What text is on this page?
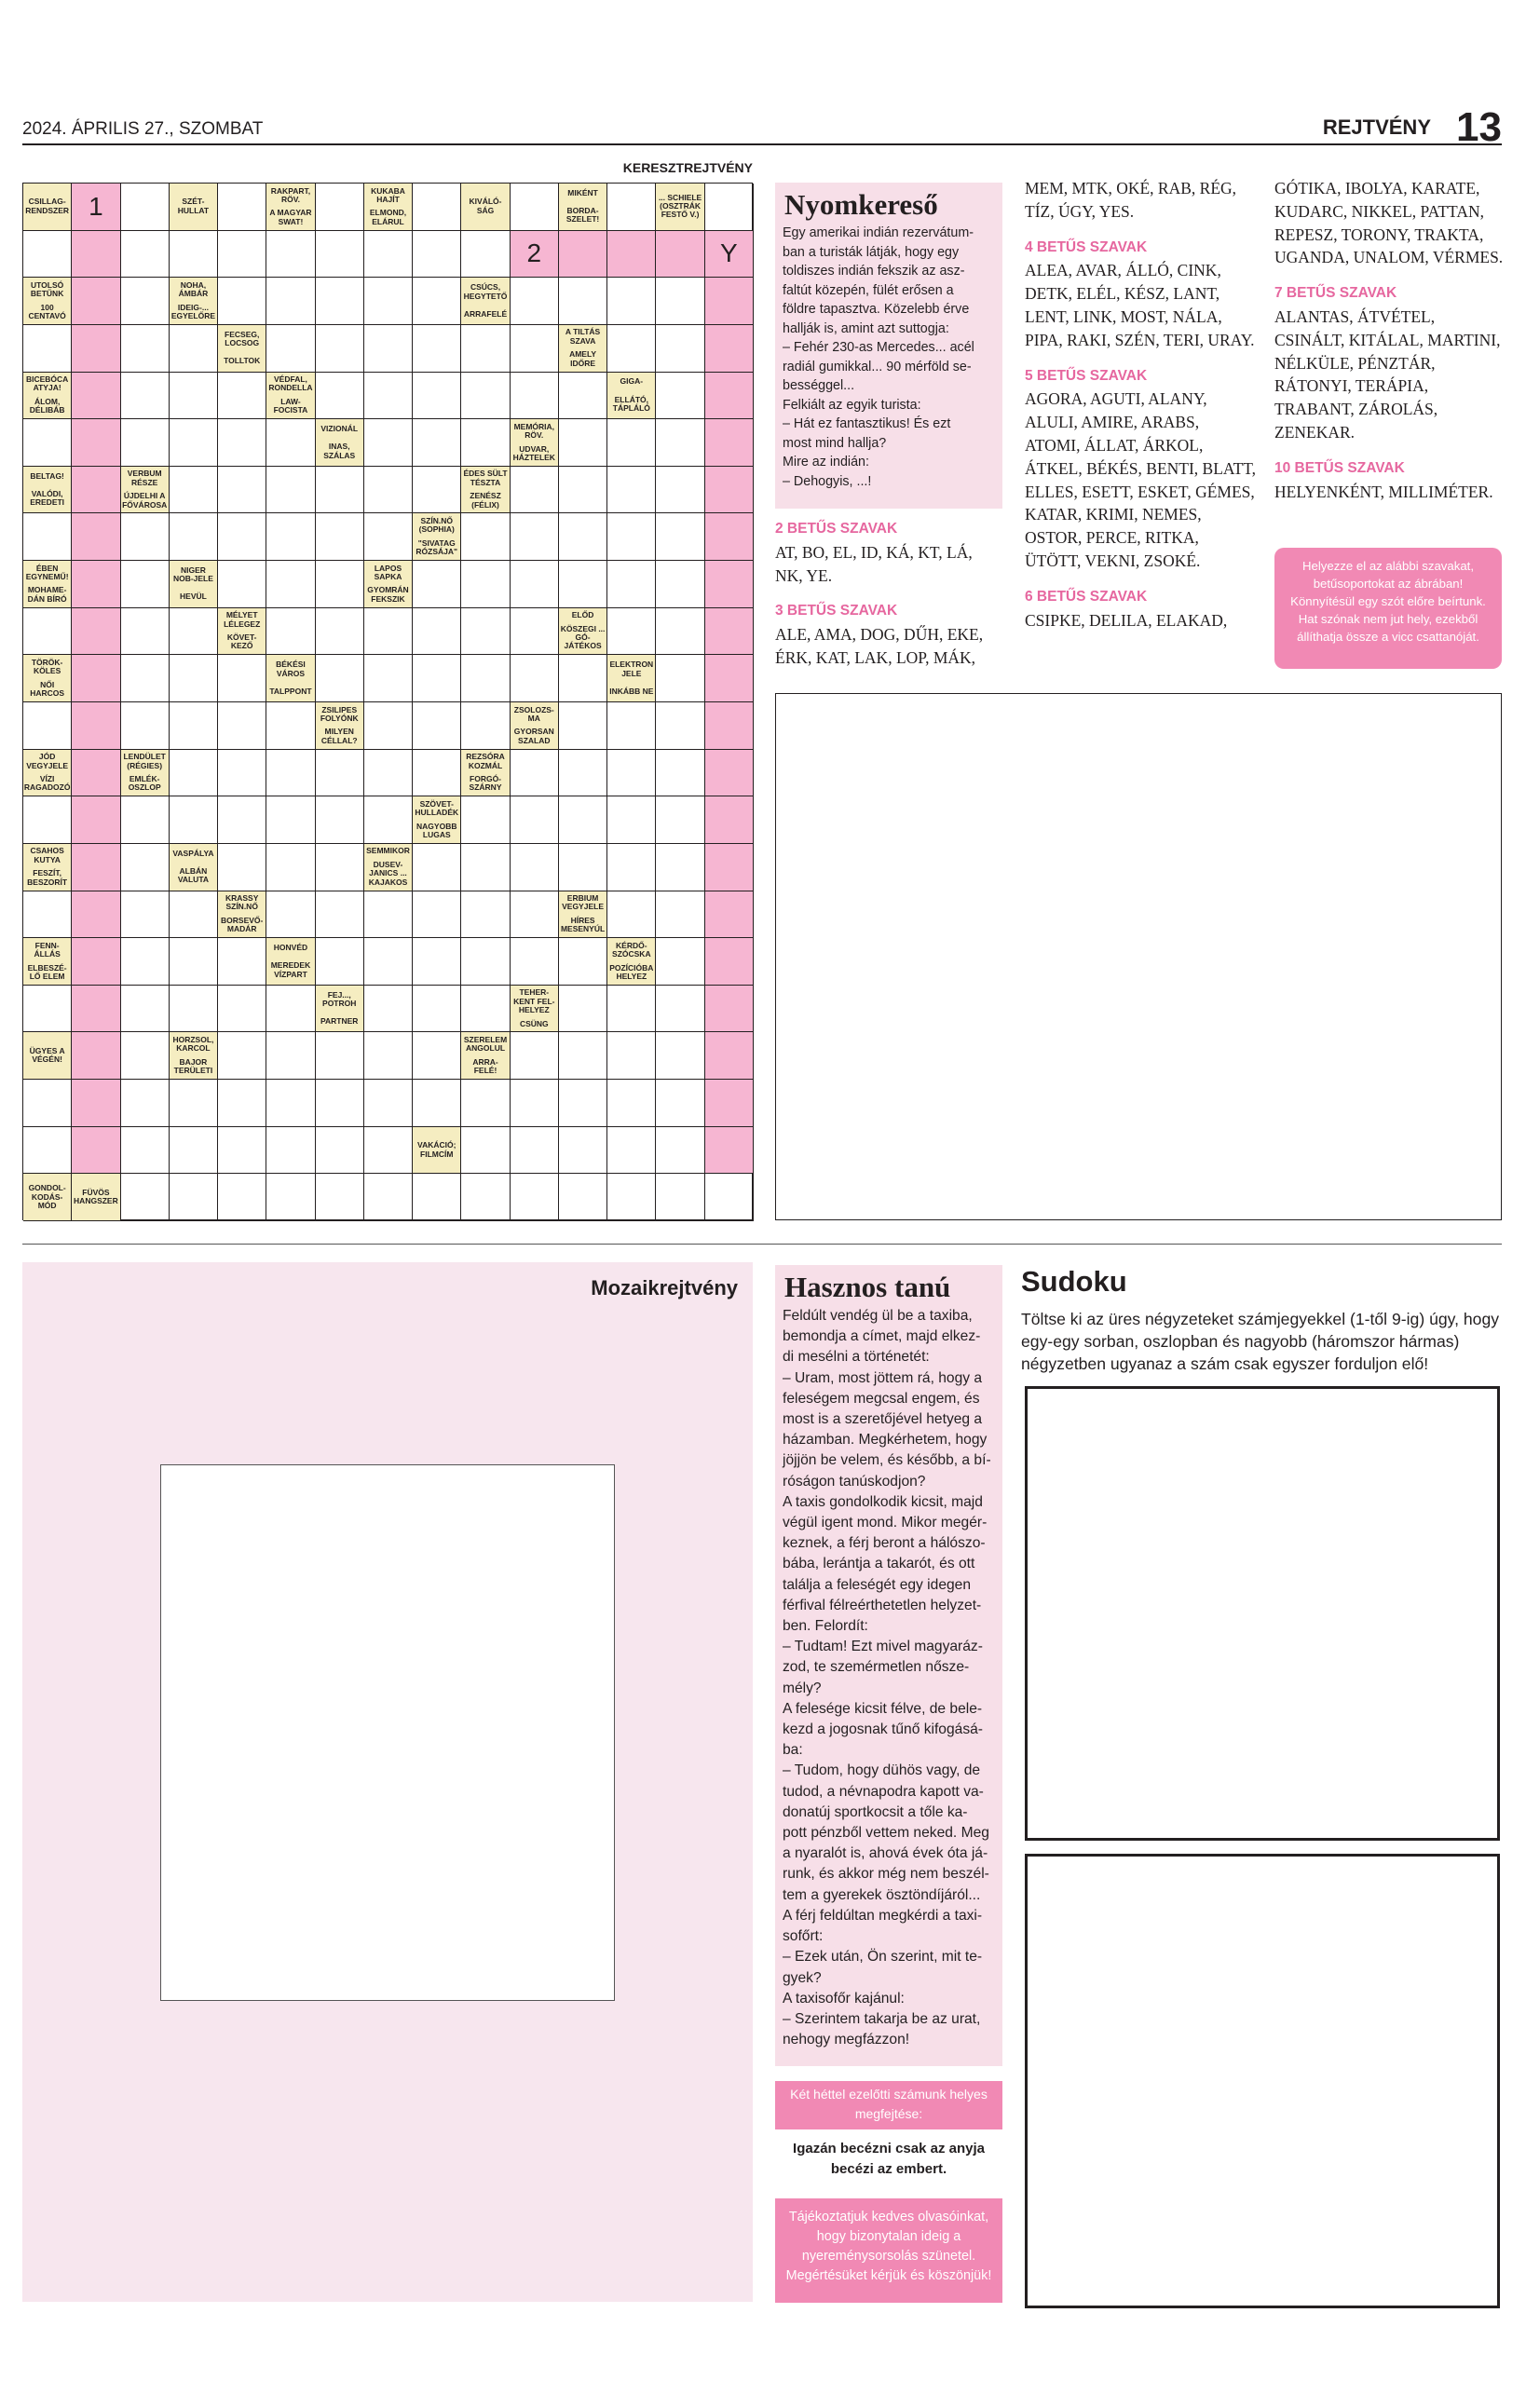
2024. ÁPRILIS 27., SZOMBAT	REJTVÉNY 13
KERESZTREJTVÉNY
CSILLAG-RENDSZER 1	SZÉT-HULLAT
RAKPART, RÖV.
A MAGYAR SWAT!
KUKABA HAJÍT
ELMOND, ELÁRUL
KIVÁLÓ-SÁG
MIKÉNT
BORDA-SZELET!
... SCHIELE (OSZTRÁK FESTŐ V.)
2	Y
UTOLSÓ BETŰNK
100 CENTAVÓ
NOHA, ÁMBÁR
IDEIG-... EGYELŐRE
CSÚCS, HEGYTETŐ
ARRAFELÉ
FECSEG, LOCSOG
TOLLTOK
A TILTÁS SZAVA
AMELY IDŐRE
BICEBÓCA ATYJA!
ÁLOM, DÉLIBÁB
VÉDFAL, RONDELLA
LAW-FOCISTA
GIGA-
ELLÁTÓ, TÁPLÁLÓ
VIZIONÁL
INAS, SZÁLAS
MEMÓRIA, RÖV.
UDVAR, HÁZTELEK
BELTAG!
VALÓDI, EREDETI
VERBUM RÉSZE
ÚJDELHI A FŐVÁROSA
ÉDES SÜLT TÉSZTA
ZENÉSZ (FÉLIX)
SZÍN.NŐ (SOPHIA)
"SIVATAG RÓZSÁJA"
ÉBEN EGYNEMŰ!
MOHAME-DÁN BÍRÓ
NIGER NOB-JELE
HEVÜL
LAPOS SAPKA
GYOMRÁN FEKSZIK
MÉLYET LÉLEGEZ
KÖVET-KEZŐ
ELŐD
KÖSZEGI ... GÓ-JÁTÉKOS
TÖRÖK-KÖLES
NŐI HARCOS
BÉKÉSI VÁROS
TALPPONT
ELEKTRON JELE
INKÁBB NE
ZSILIPES FOLYÓNK
MILYEN CÉLLAL?
ZSOLOZS-MA
GYORSAN SZALAD
JÓD VEGYJELE
VÍZI RAGADOZÓ
LENDÜLET (RÉGIES)
EMLÉK-OSZLOP
REZSÓRA KOZMÁL
FORGÓ-SZÁRNY
SZÖVET-HULLADÉK
NAGYOBB LUGAS
CSAHOS KUTYA
FESZÍT, BESZORÍT
VASPÁLYA
ALBÁN VALUTA
SEMMIKOR
DUSEV-JANICS ... KAJAKOS
KRASSY SZÍN.NŐ
BORSEVŐ-MADÁR
ERBIUM VEGYJELE
HÍRES MESENYÚL
FENN-ÁLLÁS
ELBESZÉ-LŐ ELEM
HONVÉD
MEREDEK VÍZPART
KÉRDŐ-SZÓCSKA
POZÍCIÓBA HELYEZ
FEJ..., POTROH
PARTNER
TEHER-KENT FEL-HELYEZ
CSÜNG
ÜGYES A VÉGÉN!
HORZSOL, KARCOL
BAJOR TERÜLETI
SZERELEM ANGOLUL
ARRA-FELÉ!
VAKÁCIÓ; FILMCÍM
GONDOL-KODÁS-MÓD
FÜVÖS HANGSZER
Nyomkereső

Egy amerikai indián rezervátum-
ban a turisták látják, hogy egy
toldiszes indián fekszik az asz-
faltút közepén, fülét erősen a
földre tapasztva. Közelebb érve
hallják is, amint azt suttogja:
– Fehér 230-as Mercedes... acél
radiál gumikkal... 90 mérföld se-
bességgel...
Felkiált az egyik turista:
– Hát ez fantasztikus! És ezt
most mind hallja?
Mire az indián:
– Dehogyis, ...!

2 BETŰS SZAVAK
AT, BO, EL, ID, KÁ, KT, LÁ, NK, YE.
3 BETŰS SZAVAK
ALE, AMA, DOG, DŰH, EKE, ÉRK, KAT, LAK, LOP, MÁK,
MEM, MTK, OKÉ, RAB, RÉG, TÍZ, ÚGY, YES.
4 BETŰS SZAVAK
ALEA, AVAR, ÁLLÓ, CINK, DETK, ELÉL, KÉSZ, LANT, LENT, LINK, MOST, NÁLA, PIPA, RAKI, SZÉN, TERI, URAY.
5 BETŰS SZAVAK
AGORA, AGUTI, ALANY, ALULI, AMIRE, ARABS, ATOMI, ÁLLAT, ÁRKOL, ÁTKEL, BÉKÉS, BENTI, BLATT, ELLES, ESETT, ESKET, GÉMES, KATAR, KRIMI, NEMES, OSTOR, PERCE, RITKA, ÜTÖTT, VEKNI, ZSOKÉ.
6 BETŰS SZAVAK
CSIPKE, DELILA, ELAKAD,
GÓTIKA, IBOLYA, KARATE, KUDARC, NIKKEL, PATTAN, REPESZ, TORONY, TRAKTA, UGANDA, UNALOM, VÉRMES.
7 BETŰS SZAVAK
ALANTAS, ÁTVÉTEL, CSINÁLT, KITÁLAL, MARTINI, NÉLKÜLE, PÉNZTÁR, RÁTONYI, TERÁPIA, TRABANT, ZÁROLÁS, ZENEKAR.
10 BETŰS SZAVAK
HELYENKÉNT, MILLIMÉTER.
Helyezze el az alábbi szavakat, betűsoportokat az ábrában! Könnyítésül egy szót előre beírtunk. Hat szónak nem jut hely, ezekből állíthatja össze a vicc csattanóját.
Mozaikrejtvény	Hasznos tanú

Feldúlt vendég ül be a taxiba,
bemondja a címet, majd elkez-
di mesélni a történetét:
– Uram, most jöttem rá, hogy a
feleségem megcsal engem, és
most is a szeretőjével hetyeg a
házamban. Megkérhetem, hogy
jöjjön be velem, és később, a bí-
róságon tanúskodjon?
A taxis gondolkodik kicsit, majd
végül igent mond. Mikor megér-
keznek, a férj beront a hálószo-
bába, lerántja a takarót, és ott
találja a feleségét egy idegen
férfival félreérthetetlen helyzet-
ben. Felordít:
– Tudtam! Ezt mivel magyaráz-
zod, te szemérmetlen nősze-
mély?
A felesége kicsit félve, de bele-
kezd a jogosnak tűnő kifogásá-
ba:
– Tudom, hogy dühös vagy, de
tudod, a névnapodra kapott va-
donatúj sportkocsit a tőle ka-
pott pénzből vettem neked. Meg
a nyaralót is, ahová évek óta já-
runk, és akkor még nem beszél-
tem a gyerekek ösztöndíjáról...
A férj feldúltan megkérdi a taxi-
sofőrt:
– Ezek után, Ön szerint, mit te-
gyek?
A taxisofőr kajánul:
– Szerintem takarja be az urat,
nehogy megfázzon!

Két héttel ezelőtti számunk helyes megfejtése:
Igazán becézni csak az anyja becézi az embert.
Tájékoztatjuk kedves olvasóinkat, hogy bizonytalan ideig a nyereménysorsolás szünetel. Megértésüket kérjük és köszönjük!
Sudoku
Töltse ki az üres négyzeteket számjegyekkel (1-től 9-ig) úgy, hogy egy-egy sorban, oszlopban és nagyobb (háromszor hármas) négyzetben ugyanaz a szám csak egyszer forduljon elő!
